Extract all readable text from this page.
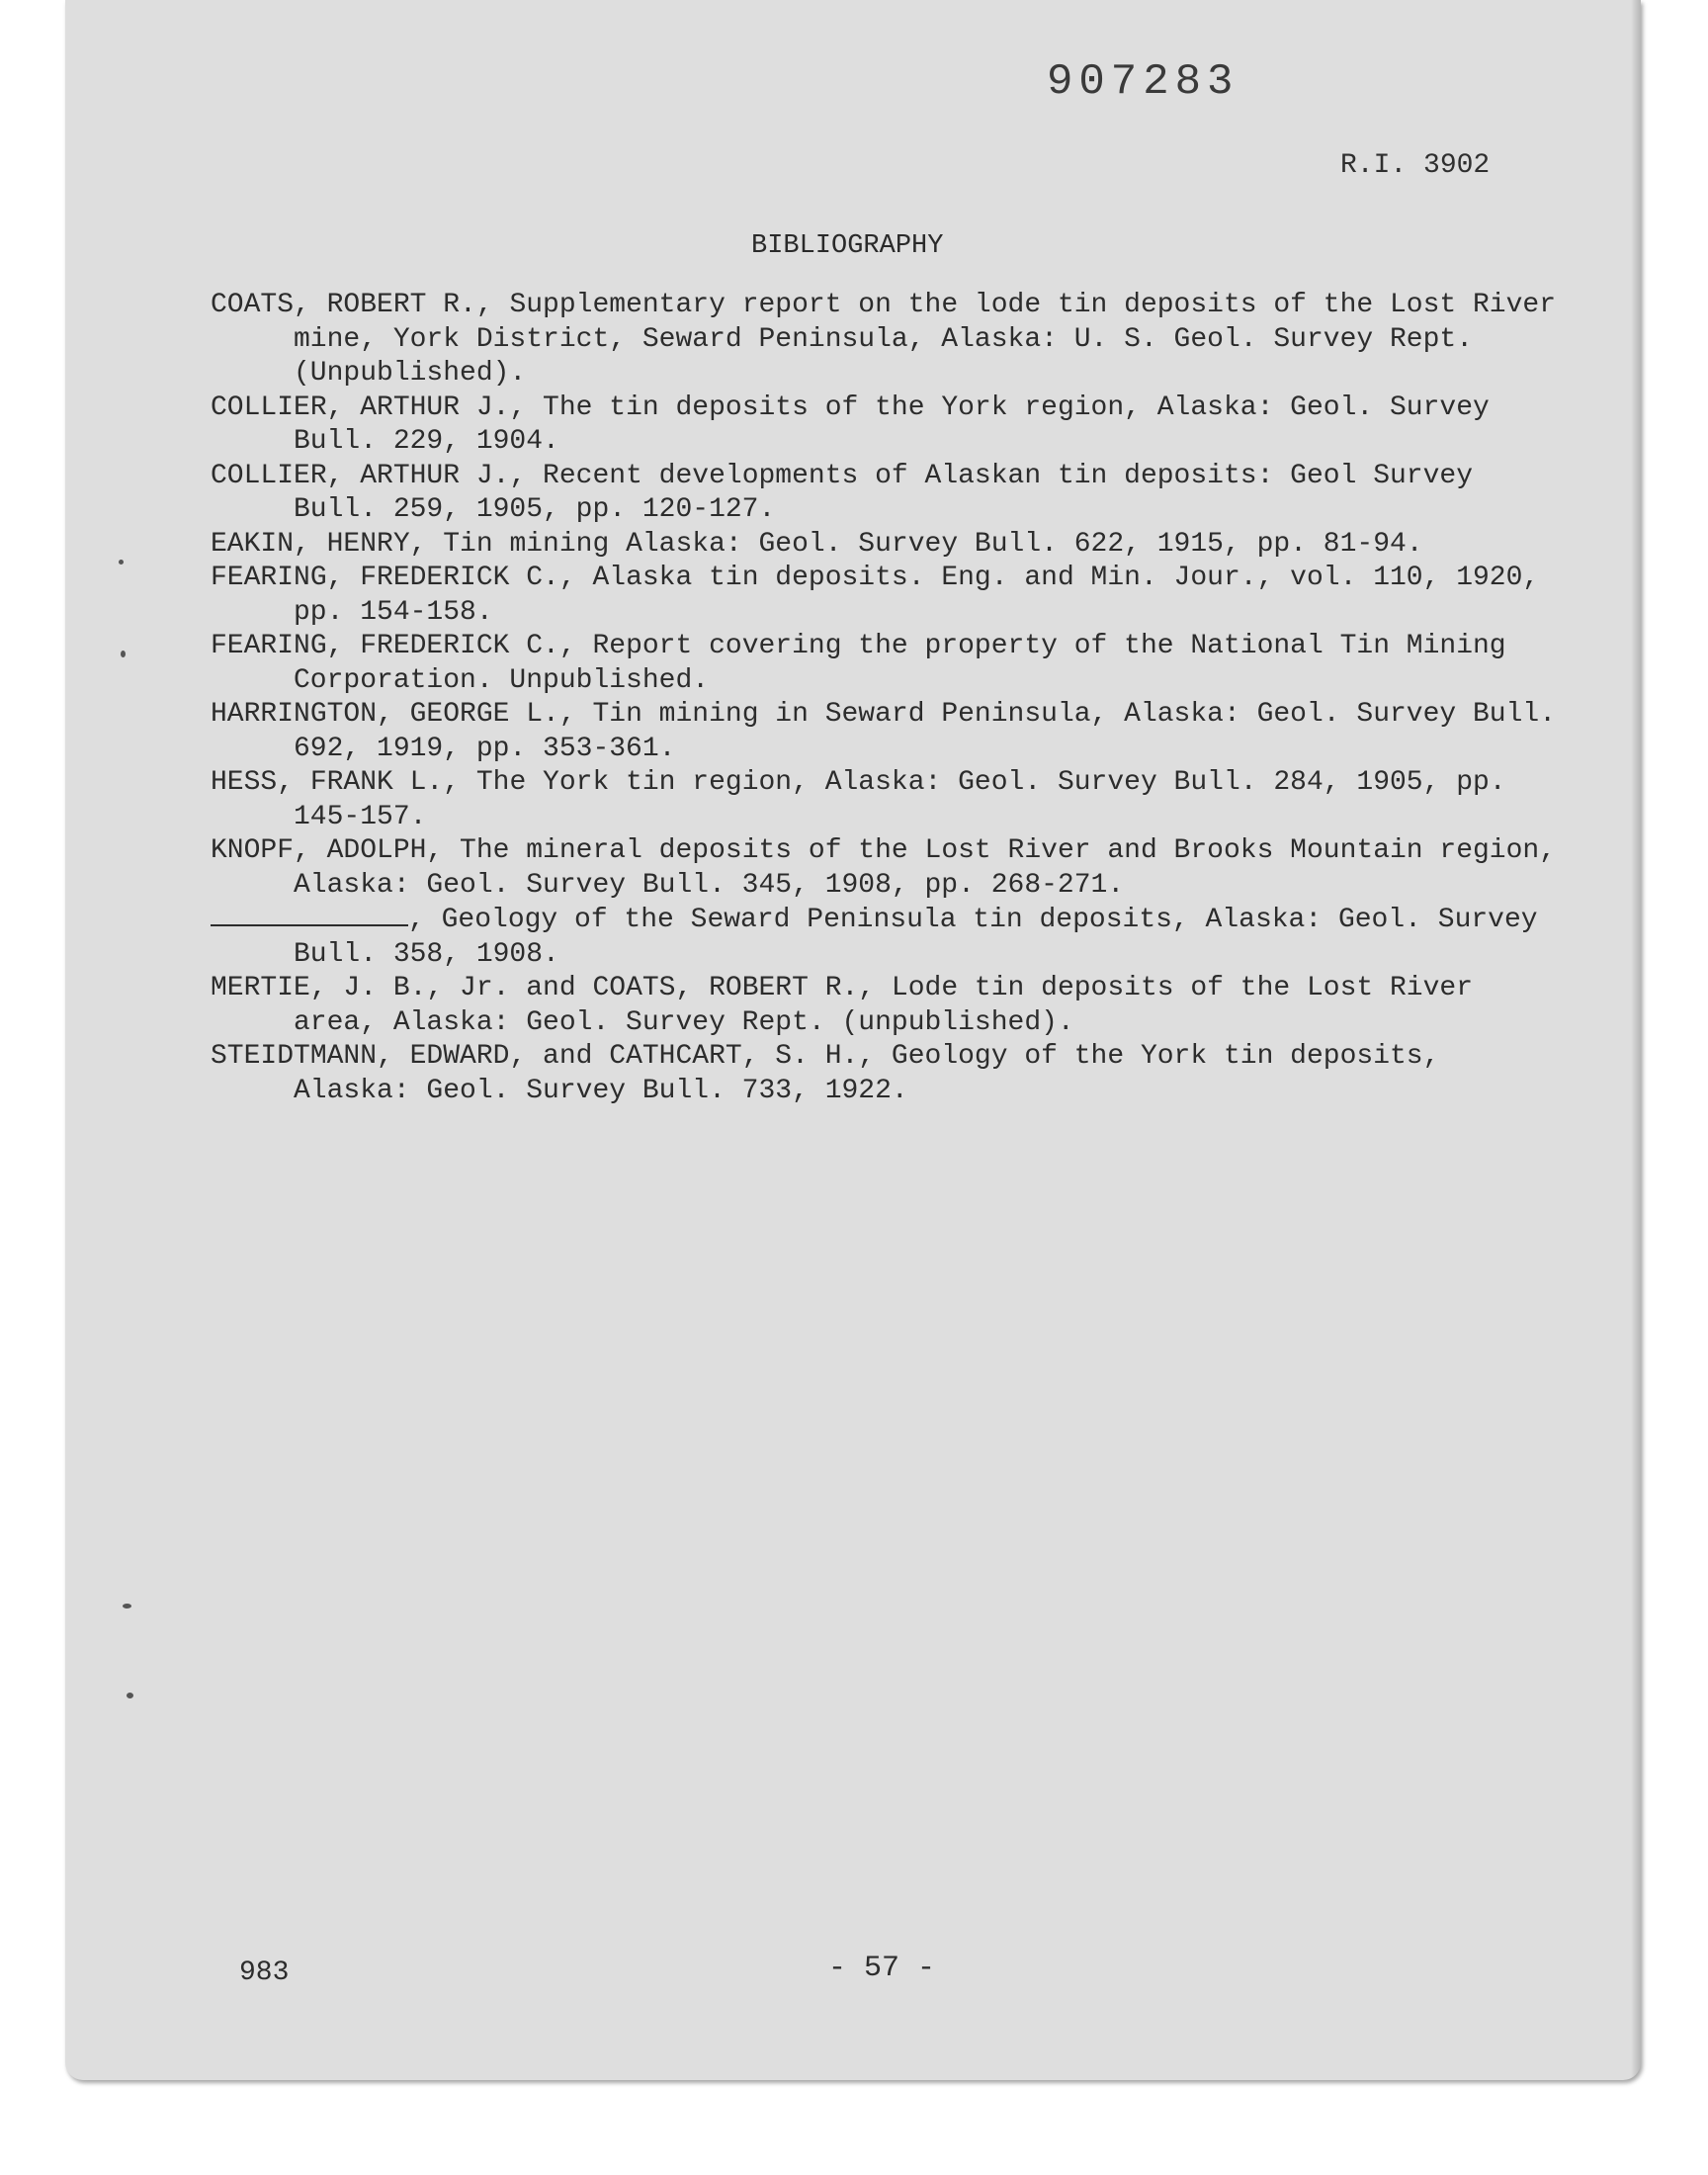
907283
R.I. 3902
BIBLIOGRAPHY
COATS, ROBERT R., Supplementary report on the lode tin deposits of the Lost River mine, York District, Seward Peninsula, Alaska: U. S. Geol. Survey Rept. (Unpublished).
COLLIER, ARTHUR J., The tin deposits of the York region, Alaska: Geol. Survey Bull. 229, 1904.
COLLIER, ARTHUR J., Recent developments of Alaskan tin deposits: Geol Survey Bull. 259, 1905, pp. 120-127.
EAKIN, HENRY, Tin mining Alaska: Geol. Survey Bull. 622, 1915, pp. 81-94.
FEARING, FREDERICK C., Alaska tin deposits. Eng. and Min. Jour., vol. 110, 1920, pp. 154-158.
FEARING, FREDERICK C., Report covering the property of the National Tin Mining Corporation. Unpublished.
HARRINGTON, GEORGE L., Tin mining in Seward Peninsula, Alaska: Geol. Survey Bull. 692, 1919, pp. 353-361.
HESS, FRANK L., The York tin region, Alaska: Geol. Survey Bull. 284, 1905, pp. 145-157.
KNOPF, ADOLPH, The mineral deposits of the Lost River and Brooks Mountain region, Alaska: Geol. Survey Bull. 345, 1908, pp. 268-271.
, Geology of the Seward Peninsula tin deposits, Alaska: Geol. Survey Bull. 358, 1908.
MERTIE, J. B., Jr. and COATS, ROBERT R., Lode tin deposits of the Lost River area, Alaska: Geol. Survey Rept. (unpublished).
STEIDTMANN, EDWARD, and CATHCART, S. H., Geology of the York tin deposits, Alaska: Geol. Survey Bull. 733, 1922.
983	- 57 -
